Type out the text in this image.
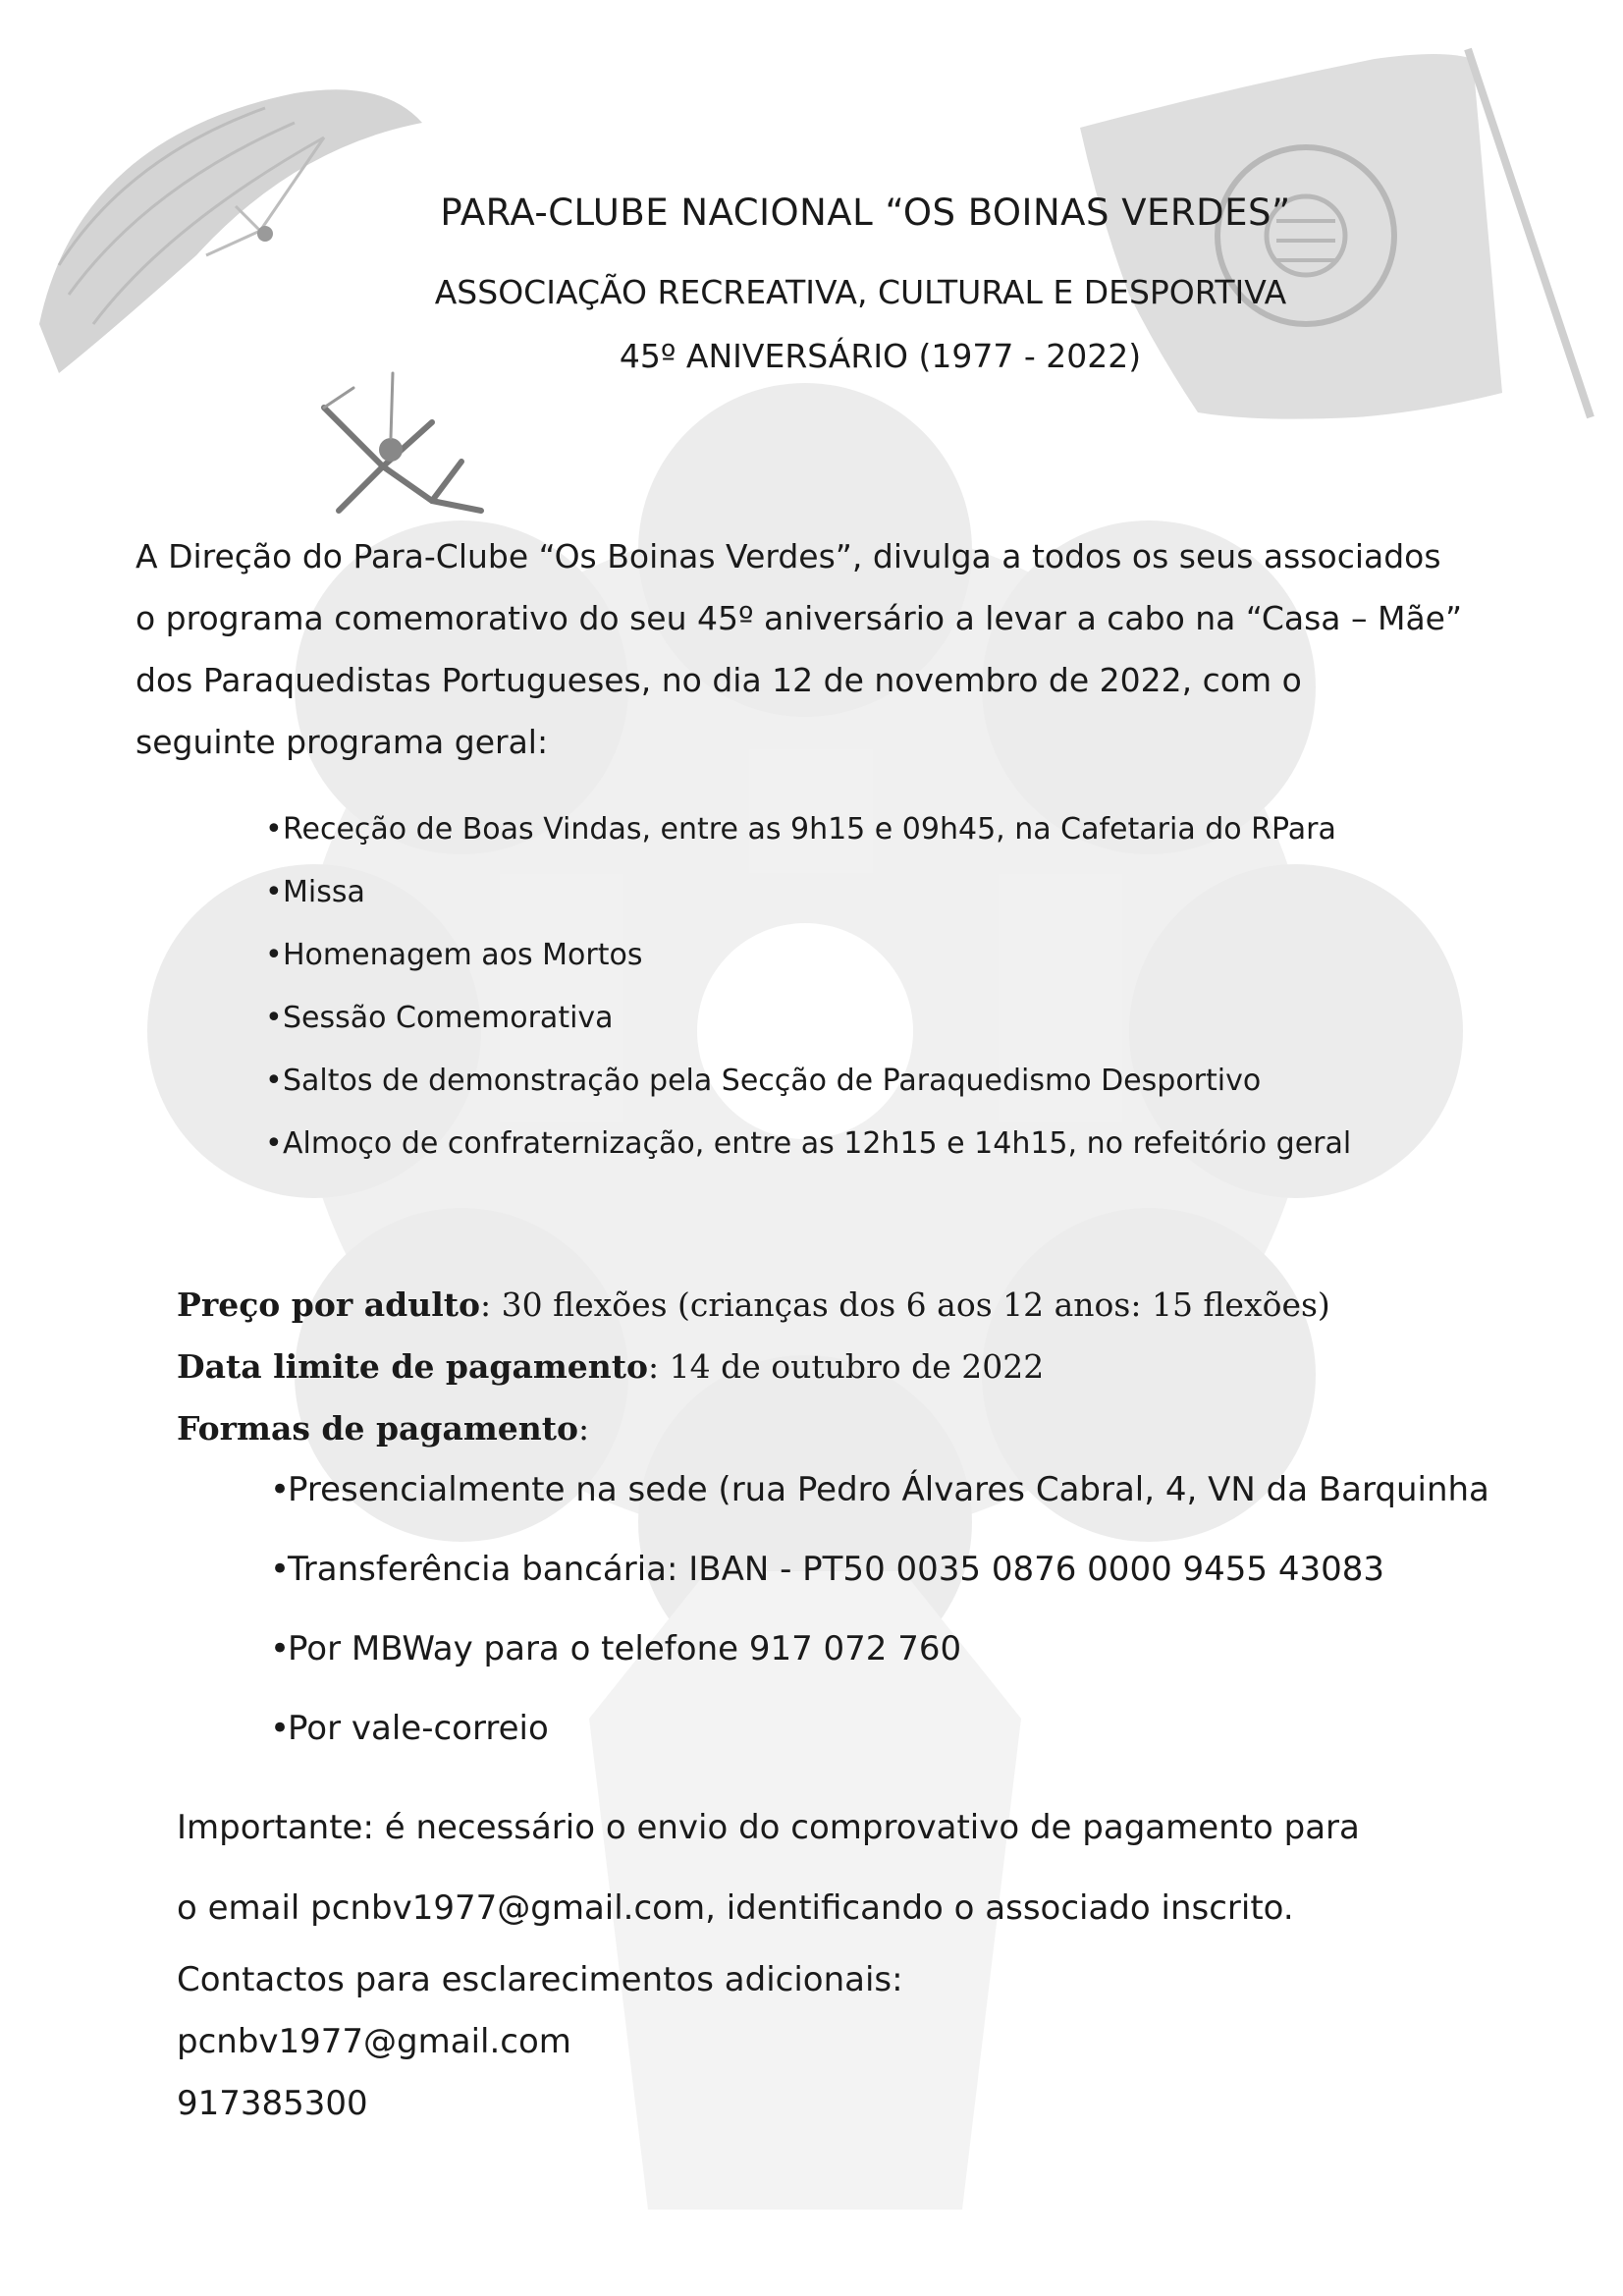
PARA-CLUBE NACIONAL “OS BOINAS VERDES”
ASSOCIAÇÃO RECREATIVA, CULTURAL E DESPORTIVA
45º ANIVERSÁRIO (1977 - 2022)
A Direção do Para-Clube “Os Boinas Verdes”, divulga a todos os seus associados
o programa comemorativo do seu 45º aniversário a levar a cabo na “Casa – Mãe”
dos Paraquedistas Portugueses, no dia 12 de novembro de 2022, com o
seguinte programa geral:
•Receção de Boas Vindas, entre as 9h15 e 09h45, na Cafetaria do RPara
•Missa
•Homenagem aos Mortos
•Sessão Comemorativa
•Saltos de demonstração pela Secção de Paraquedismo Desportivo
•Almoço de confraternização, entre as 12h15 e 14h15, no refeitório geral
Preço por adulto: 30 flexões (crianças dos 6 aos 12 anos: 15 flexões)
Data limite de pagamento: 14 de outubro de 2022
Formas de pagamento:
•Presencialmente na sede (rua Pedro Álvares Cabral, 4, VN da Barquinha
•Transferência bancária: IBAN - PT50 0035 0876 0000 9455 43083
•Por MBWay para o telefone 917 072 760
•Por vale-correio
Importante: é necessário o envio do comprovativo de pagamento para
o email pcnbv1977@gmail.com, identificando o associado inscrito.
Contactos para esclarecimentos adicionais:
pcnbv1977@gmail.com
917385300
